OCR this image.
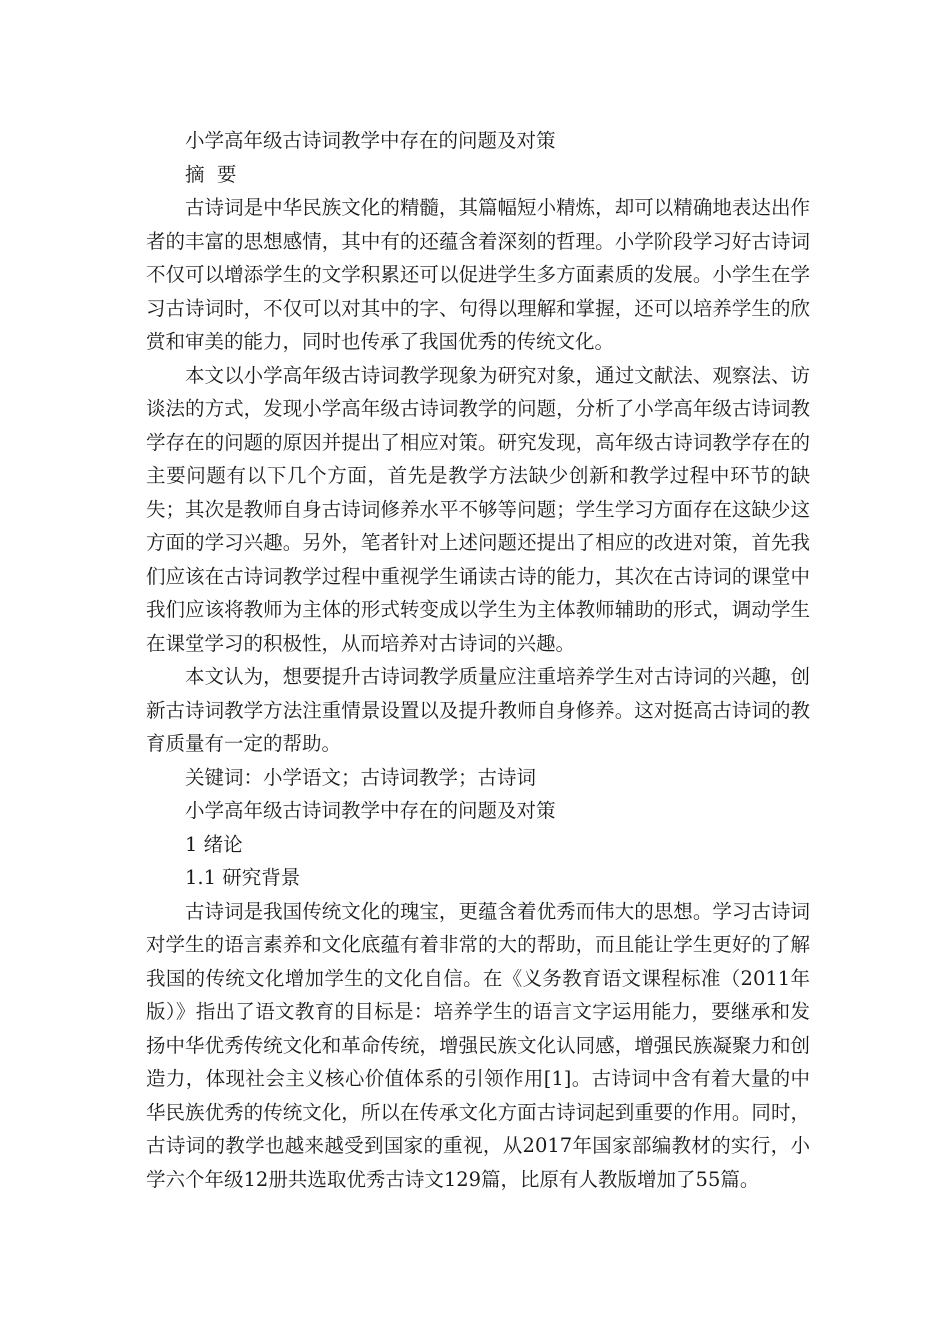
小学高年级古诗词教学中存在的问题及对策
摘  要

古诗词是中华民族文化的精髓，其篇幅短小精炼，却可以精确地表达出作者的丰富的思想感情，其中有的还蕴含着深刻的哲理。小学阶段学习好古诗词不仅可以增添学生的文学积累还可以促进学生多方面素质的发展。小学生在学习古诗词时，不仅可以对其中的字、句得以理解和掌握，还可以培养学生的欣赏和审美的能力，同时也传承了我国优秀的传统文化。

本文以小学高年级古诗词教学现象为研究对象，通过文献法、观察法、访谈法的方式，发现小学高年级古诗词教学的问题，分析了小学高年级古诗词教学存在的问题的原因并提出了相应对策。研究发现，高年级古诗词教学存在的主要问题有以下几个方面，首先是教学方法缺少创新和教学过程中环节的缺失；其次是教师自身古诗词修养水平不够等问题；学生学习方面存在这缺少这方面的学习兴趣。另外，笔者针对上述问题还提出了相应的改进对策，首先我们应该在古诗词教学过程中重视学生诵读古诗的能力，其次在古诗词的课堂中我们应该将教师为主体的形式转变成以学生为主体教师辅助的形式，调动学生在课堂学习的积极性，从而培养对古诗词的兴趣。

本文认为，想要提升古诗词教学质量应注重培养学生对古诗词的兴趣，创新古诗词教学方法注重情景设置以及提升教师自身修养。这对挺高古诗词的教育质量有一定的帮助。

关键词：小学语文；古诗词教学；古诗词
小学高年级古诗词教学中存在的问题及对策
1 绪论
1.1 研究背景

古诗词是我国传统文化的瑰宝，更蕴含着优秀而伟大的思想。学习古诗词对学生的语言素养和文化底蕴有着非常的大的帮助，而且能让学生更好的了解我国的传统文化增加学生的文化自信。在《义务教育语文课程标准（2011年版）》指出了语文教育的目标是：培养学生的语言文字运用能力，要继承和发扬中华优秀传统文化和革命传统，增强民族文化认同感，增强民族凝聚力和创造力，体现社会主义核心价值体系的引领作用[1]。古诗词中含有着大量的中华民族优秀的传统文化，所以在传承文化方面古诗词起到重要的作用。同时，古诗词的教学也越来越受到国家的重视，从2017年国家部编教材的实行，小学六个年级12册共选取优秀古诗文129篇，比原有人教版增加了55篇。
